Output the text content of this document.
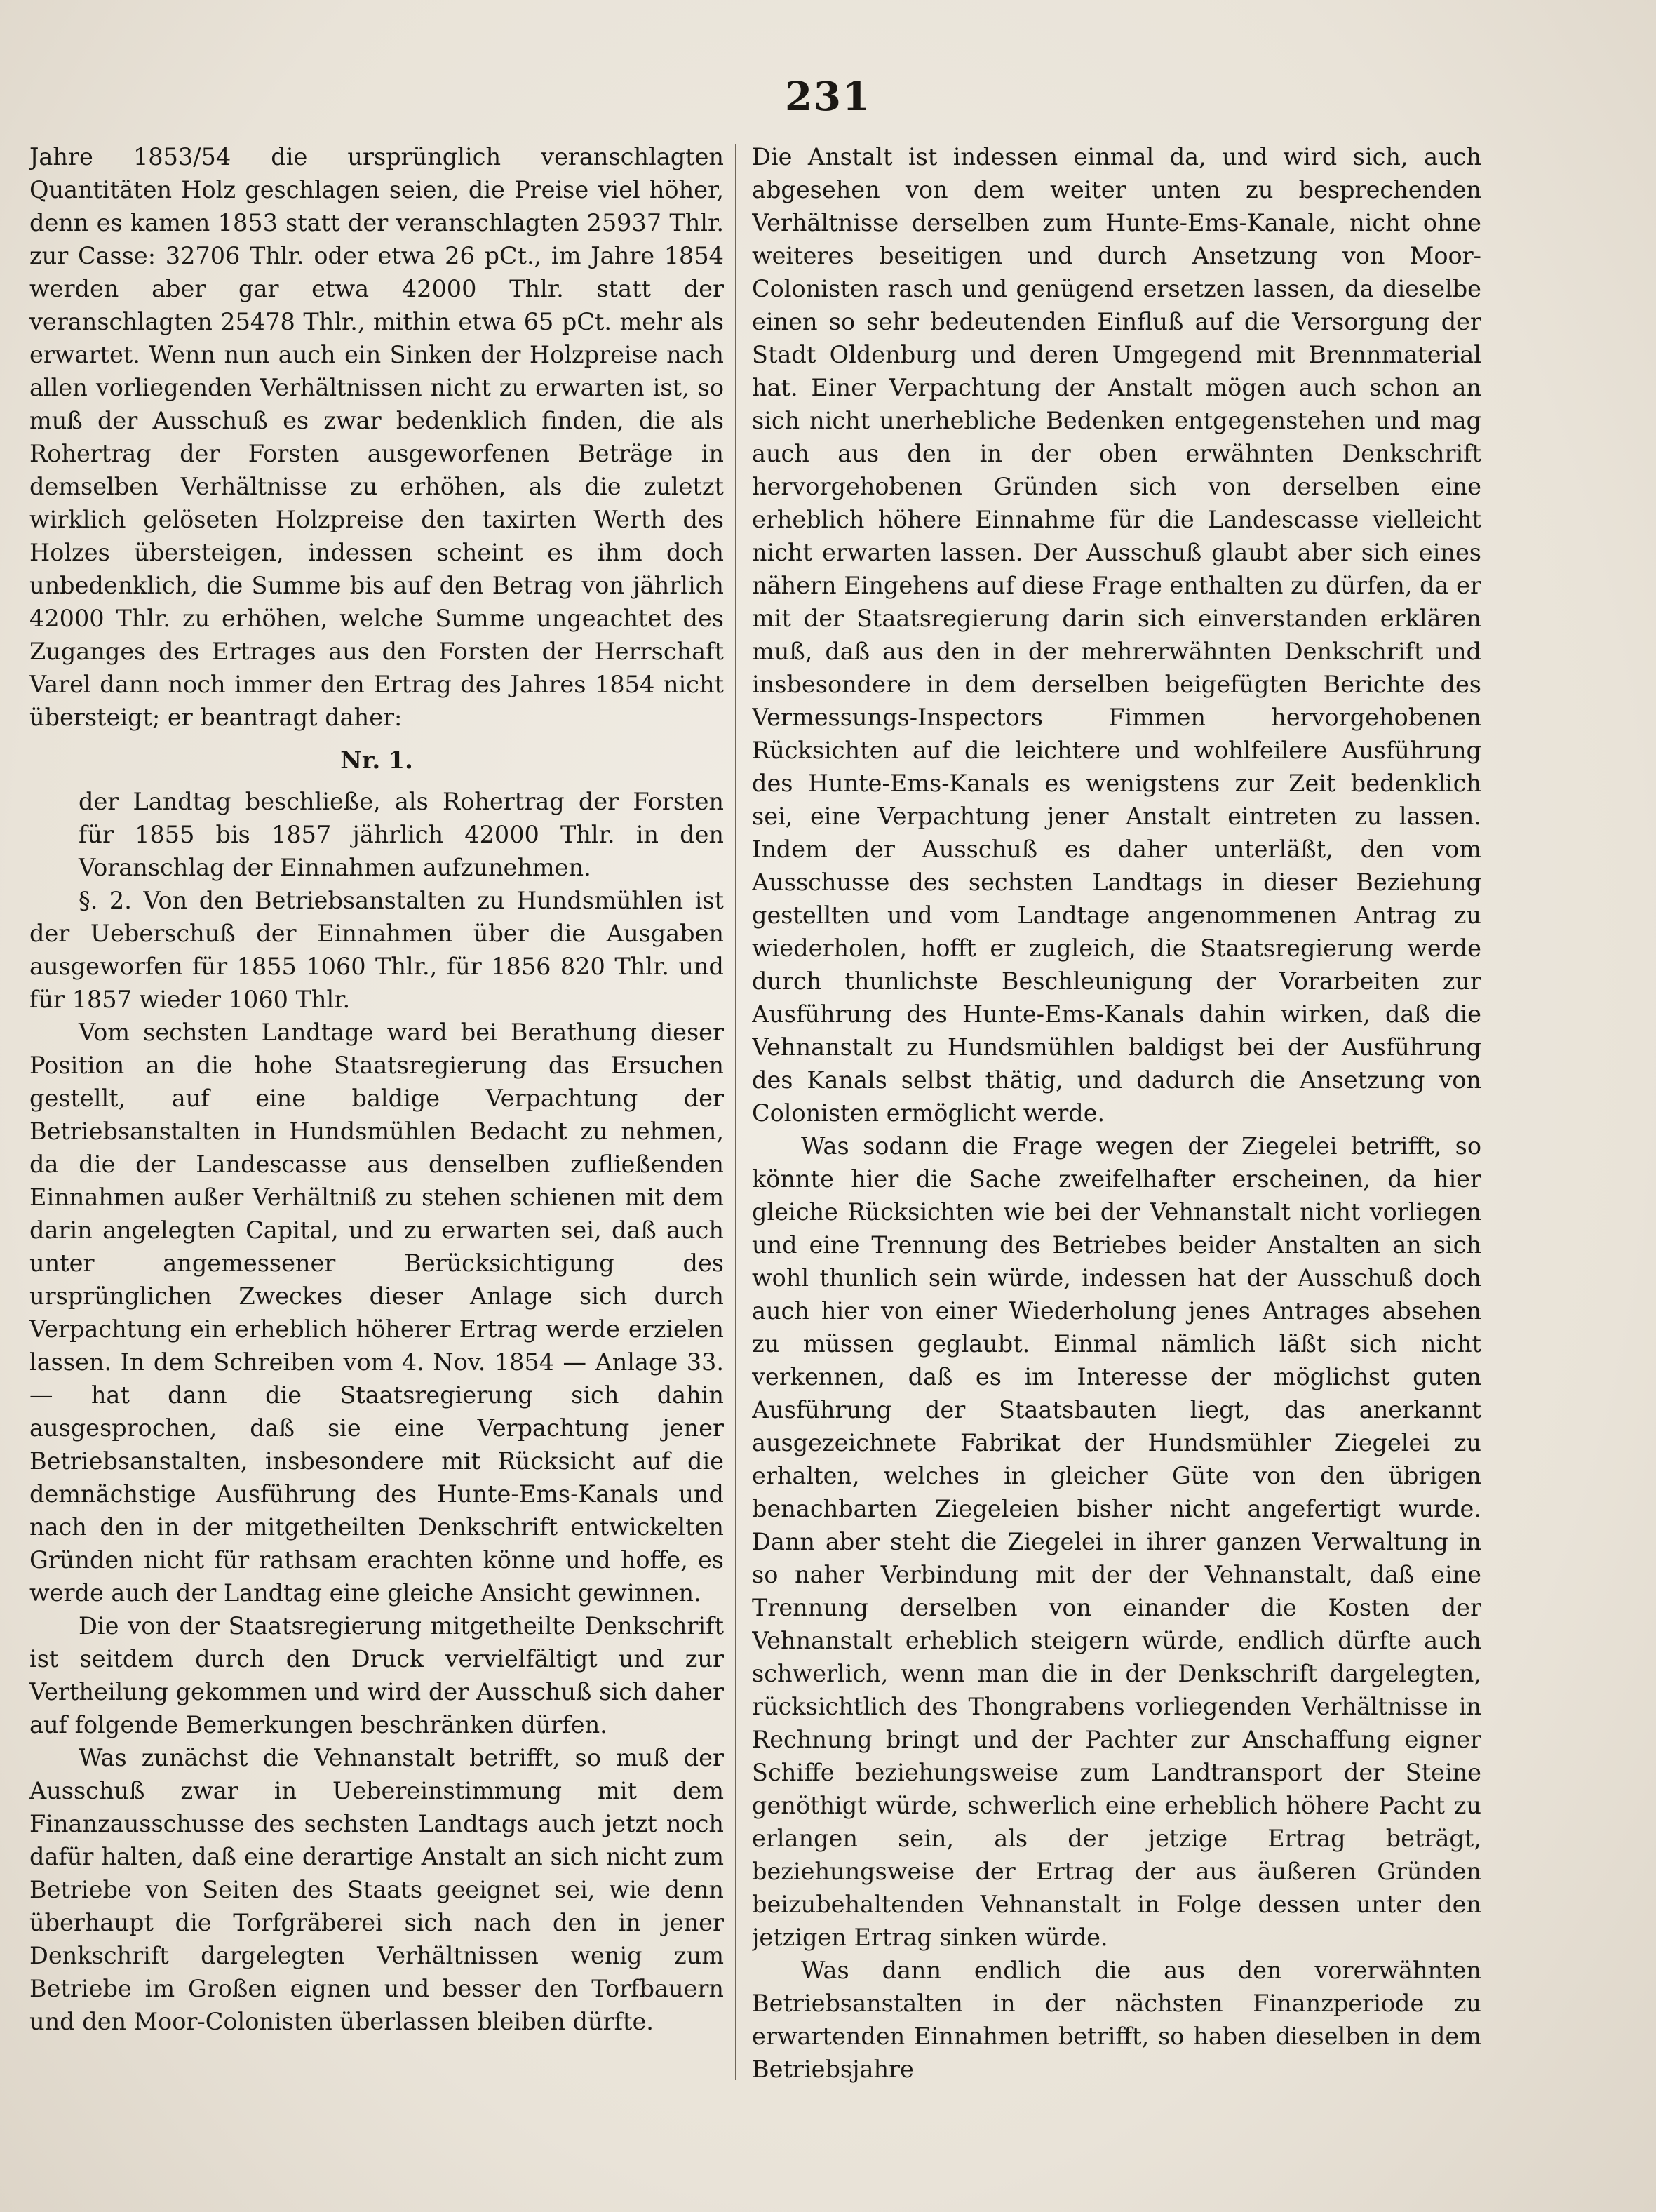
231

Jahre 1853/54 die ursprünglich veranschlagten Quantitäten Holz geschlagen seien, die Preise viel höher, denn es kamen 1853 statt der veranschlagten 25937 Thlr. zur Casse: 32706 Thlr. oder etwa 26 pCt., im Jahre 1854 werden aber gar etwa 42000 Thlr. statt der veranschlagten 25478 Thlr., mithin etwa 65 pCt. mehr als erwartet. Wenn nun auch ein Sinken der Holzpreise nach allen vorliegenden Verhältnissen nicht zu erwarten ist, so muß der Ausschuß es zwar bedenklich finden, die als Rohertrag der Forsten ausgeworfenen Beträge in demselben Verhältnisse zu erhöhen, als die zuletzt wirklich gelöseten Holzpreise den taxirten Werth des Holzes übersteigen, indessen scheint es ihm doch unbedenklich, die Summe bis auf den Betrag von jährlich 42000 Thlr. zu erhöhen, welche Summe ungeachtet des Zuganges des Ertrages aus den Forsten der Herrschaft Varel dann noch immer den Ertrag des Jahres 1854 nicht übersteigt; er beantragt daher:

Nr. 1.

der Landtag beschließe, als Rohertrag der Forsten für 1855 bis 1857 jährlich 42000 Thlr. in den Voranschlag der Einnahmen aufzunehmen.

§. 2. Von den Betriebsanstalten zu Hundsmühlen ist der Ueberschuß der Einnahmen über die Ausgaben ausgeworfen für 1855 1060 Thlr., für 1856 820 Thlr. und für 1857 wieder 1060 Thlr.

Vom sechsten Landtage ward bei Berathung dieser Position an die hohe Staatsregierung das Ersuchen gestellt, auf eine baldige Verpachtung der Betriebsanstalten in Hundsmühlen Bedacht zu nehmen, da die der Landescasse aus denselben zufließenden Einnahmen außer Verhältniß zu stehen schienen mit dem darin angelegten Capital, und zu erwarten sei, daß auch unter angemessener Berücksichtigung des ursprünglichen Zweckes dieser Anlage sich durch Verpachtung ein erheblich höherer Ertrag werde erzielen lassen. In dem Schreiben vom 4. Nov. 1854 — Anlage 33. — hat dann die Staatsregierung sich dahin ausgesprochen, daß sie eine Verpachtung jener Betriebsanstalten, insbesondere mit Rücksicht auf die demnächstige Ausführung des Hunte-Ems-Kanals und nach den in der mitgetheilten Denkschrift entwickelten Gründen nicht für rathsam erachten könne und hoffe, es werde auch der Landtag eine gleiche Ansicht gewinnen.

Die von der Staatsregierung mitgetheilte Denkschrift ist seitdem durch den Druck vervielfältigt und zur Vertheilung gekommen und wird der Ausschuß sich daher auf folgende Bemerkungen beschränken dürfen.

Was zunächst die Vehnanstalt betrifft, so muß der Ausschuß zwar in Uebereinstimmung mit dem Finanzausschusse des sechsten Landtags auch jetzt noch dafür halten, daß eine derartige Anstalt an sich nicht zum Betriebe von Seiten des Staats geeignet sei, wie denn überhaupt die Torfgräberei sich nach den in jener Denkschrift dargelegten Verhältnissen wenig zum Betriebe im Großen eignen und besser den Torfbauern und den Moor-Colonisten überlassen bleiben dürfte.

Die Anstalt ist indessen einmal da, und wird sich, auch abgesehen von dem weiter unten zu besprechenden Verhältnisse derselben zum Hunte-Ems-Kanale, nicht ohne weiteres beseitigen und durch Ansetzung von Moor-Colonisten rasch und genügend ersetzen lassen, da dieselbe einen so sehr bedeutenden Einfluß auf die Versorgung der Stadt Oldenburg und deren Umgegend mit Brennmaterial hat. Einer Verpachtung der Anstalt mögen auch schon an sich nicht unerhebliche Bedenken entgegenstehen und mag auch aus den in der oben erwähnten Denkschrift hervorgehobenen Gründen sich von derselben eine erheblich höhere Einnahme für die Landescasse vielleicht nicht erwarten lassen. Der Ausschuß glaubt aber sich eines nähern Eingehens auf diese Frage enthalten zu dürfen, da er mit der Staatsregierung darin sich einverstanden erklären muß, daß aus den in der mehrerwähnten Denkschrift und insbesondere in dem derselben beigefügten Berichte des Vermessungs-Inspectors Fimmen hervorgehobenen Rücksichten auf die leichtere und wohlfeilere Ausführung des Hunte-Ems-Kanals es wenigstens zur Zeit bedenklich sei, eine Verpachtung jener Anstalt eintreten zu lassen. Indem der Ausschuß es daher unterläßt, den vom Ausschusse des sechsten Landtags in dieser Beziehung gestellten und vom Landtage angenommenen Antrag zu wiederholen, hofft er zugleich, die Staatsregierung werde durch thunlichste Beschleunigung der Vorarbeiten zur Ausführung des Hunte-Ems-Kanals dahin wirken, daß die Vehnanstalt zu Hundsmühlen baldigst bei der Ausführung des Kanals selbst thätig, und dadurch die Ansetzung von Colonisten ermöglicht werde.

Was sodann die Frage wegen der Ziegelei betrifft, so könnte hier die Sache zweifelhafter erscheinen, da hier gleiche Rücksichten wie bei der Vehnanstalt nicht vorliegen und eine Trennung des Betriebes beider Anstalten an sich wohl thunlich sein würde, indessen hat der Ausschuß doch auch hier von einer Wiederholung jenes Antrages absehen zu müssen geglaubt. Einmal nämlich läßt sich nicht verkennen, daß es im Interesse der möglichst guten Ausführung der Staatsbauten liegt, das anerkannt ausgezeichnete Fabrikat der Hundsmühler Ziegelei zu erhalten, welches in gleicher Güte von den übrigen benachbarten Ziegeleien bisher nicht angefertigt wurde. Dann aber steht die Ziegelei in ihrer ganzen Verwaltung in so naher Verbindung mit der der Vehnanstalt, daß eine Trennung derselben von einander die Kosten der Vehnanstalt erheblich steigern würde, endlich dürfte auch schwerlich, wenn man die in der Denkschrift dargelegten, rücksichtlich des Thongrabens vorliegenden Verhältnisse in Rechnung bringt und der Pachter zur Anschaffung eigner Schiffe beziehungsweise zum Landtransport der Steine genöthigt würde, schwerlich eine erheblich höhere Pacht zu erlangen sein, als der jetzige Ertrag beträgt, beziehungsweise der Ertrag der aus äußeren Gründen beizubehaltenden Vehnanstalt in Folge dessen unter den jetzigen Ertrag sinken würde.

Was dann endlich die aus den vorerwähnten Betriebsanstalten in der nächsten Finanzperiode zu erwartenden Einnahmen betrifft, so haben dieselben in dem Betriebsjahre
